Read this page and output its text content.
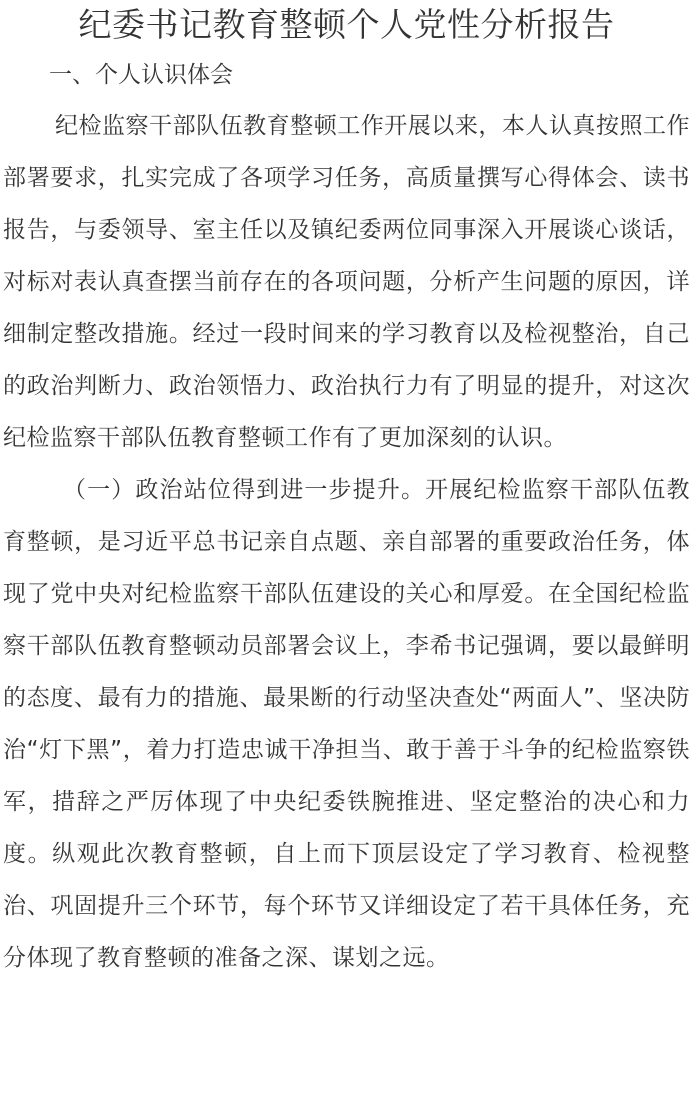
纪委书记教育整顿个人党性分析报告

一、个人认识体会

纪检监察干部队伍教育整顿工作开展以来，本人认真按照工作部署要求，扎实完成了各项学习任务，高质量撰写心得体会、读书报告，与委领导、室主任以及镇纪委两位同事深入开展谈心谈话，对标对表认真查摆当前存在的各项问题，分析产生问题的原因，详细制定整改措施。经过一段时间来的学习教育以及检视整治，自己的政治判断力、政治领悟力、政治执行力有了明显的提升，对这次纪检监察干部队伍教育整顿工作有了更加深刻的认识。

（一）政治站位得到进一步提升。开展纪检监察干部队伍教育整顿，是习近平总书记亲自点题、亲自部署的重要政治任务，体现了党中央对纪检监察干部队伍建设的关心和厚爱。在全国纪检监察干部队伍教育整顿动员部署会议上，李希书记强调，要以最鲜明的态度、最有力的措施、最果断的行动坚决查处“两面人”、坚决防治“灯下黑”，着力打造忠诚干净担当、敢于善于斗争的纪检监察铁军，措辞之严厉体现了中央纪委铁腕推进、坚定整治的决心和力度。纵观此次教育整顿，自上而下顶层设定了学习教育、检视整治、巩固提升三个环节，每个环节又详细设定了若干具体任务，充分体现了教育整顿的准备之深、谋划之远。
